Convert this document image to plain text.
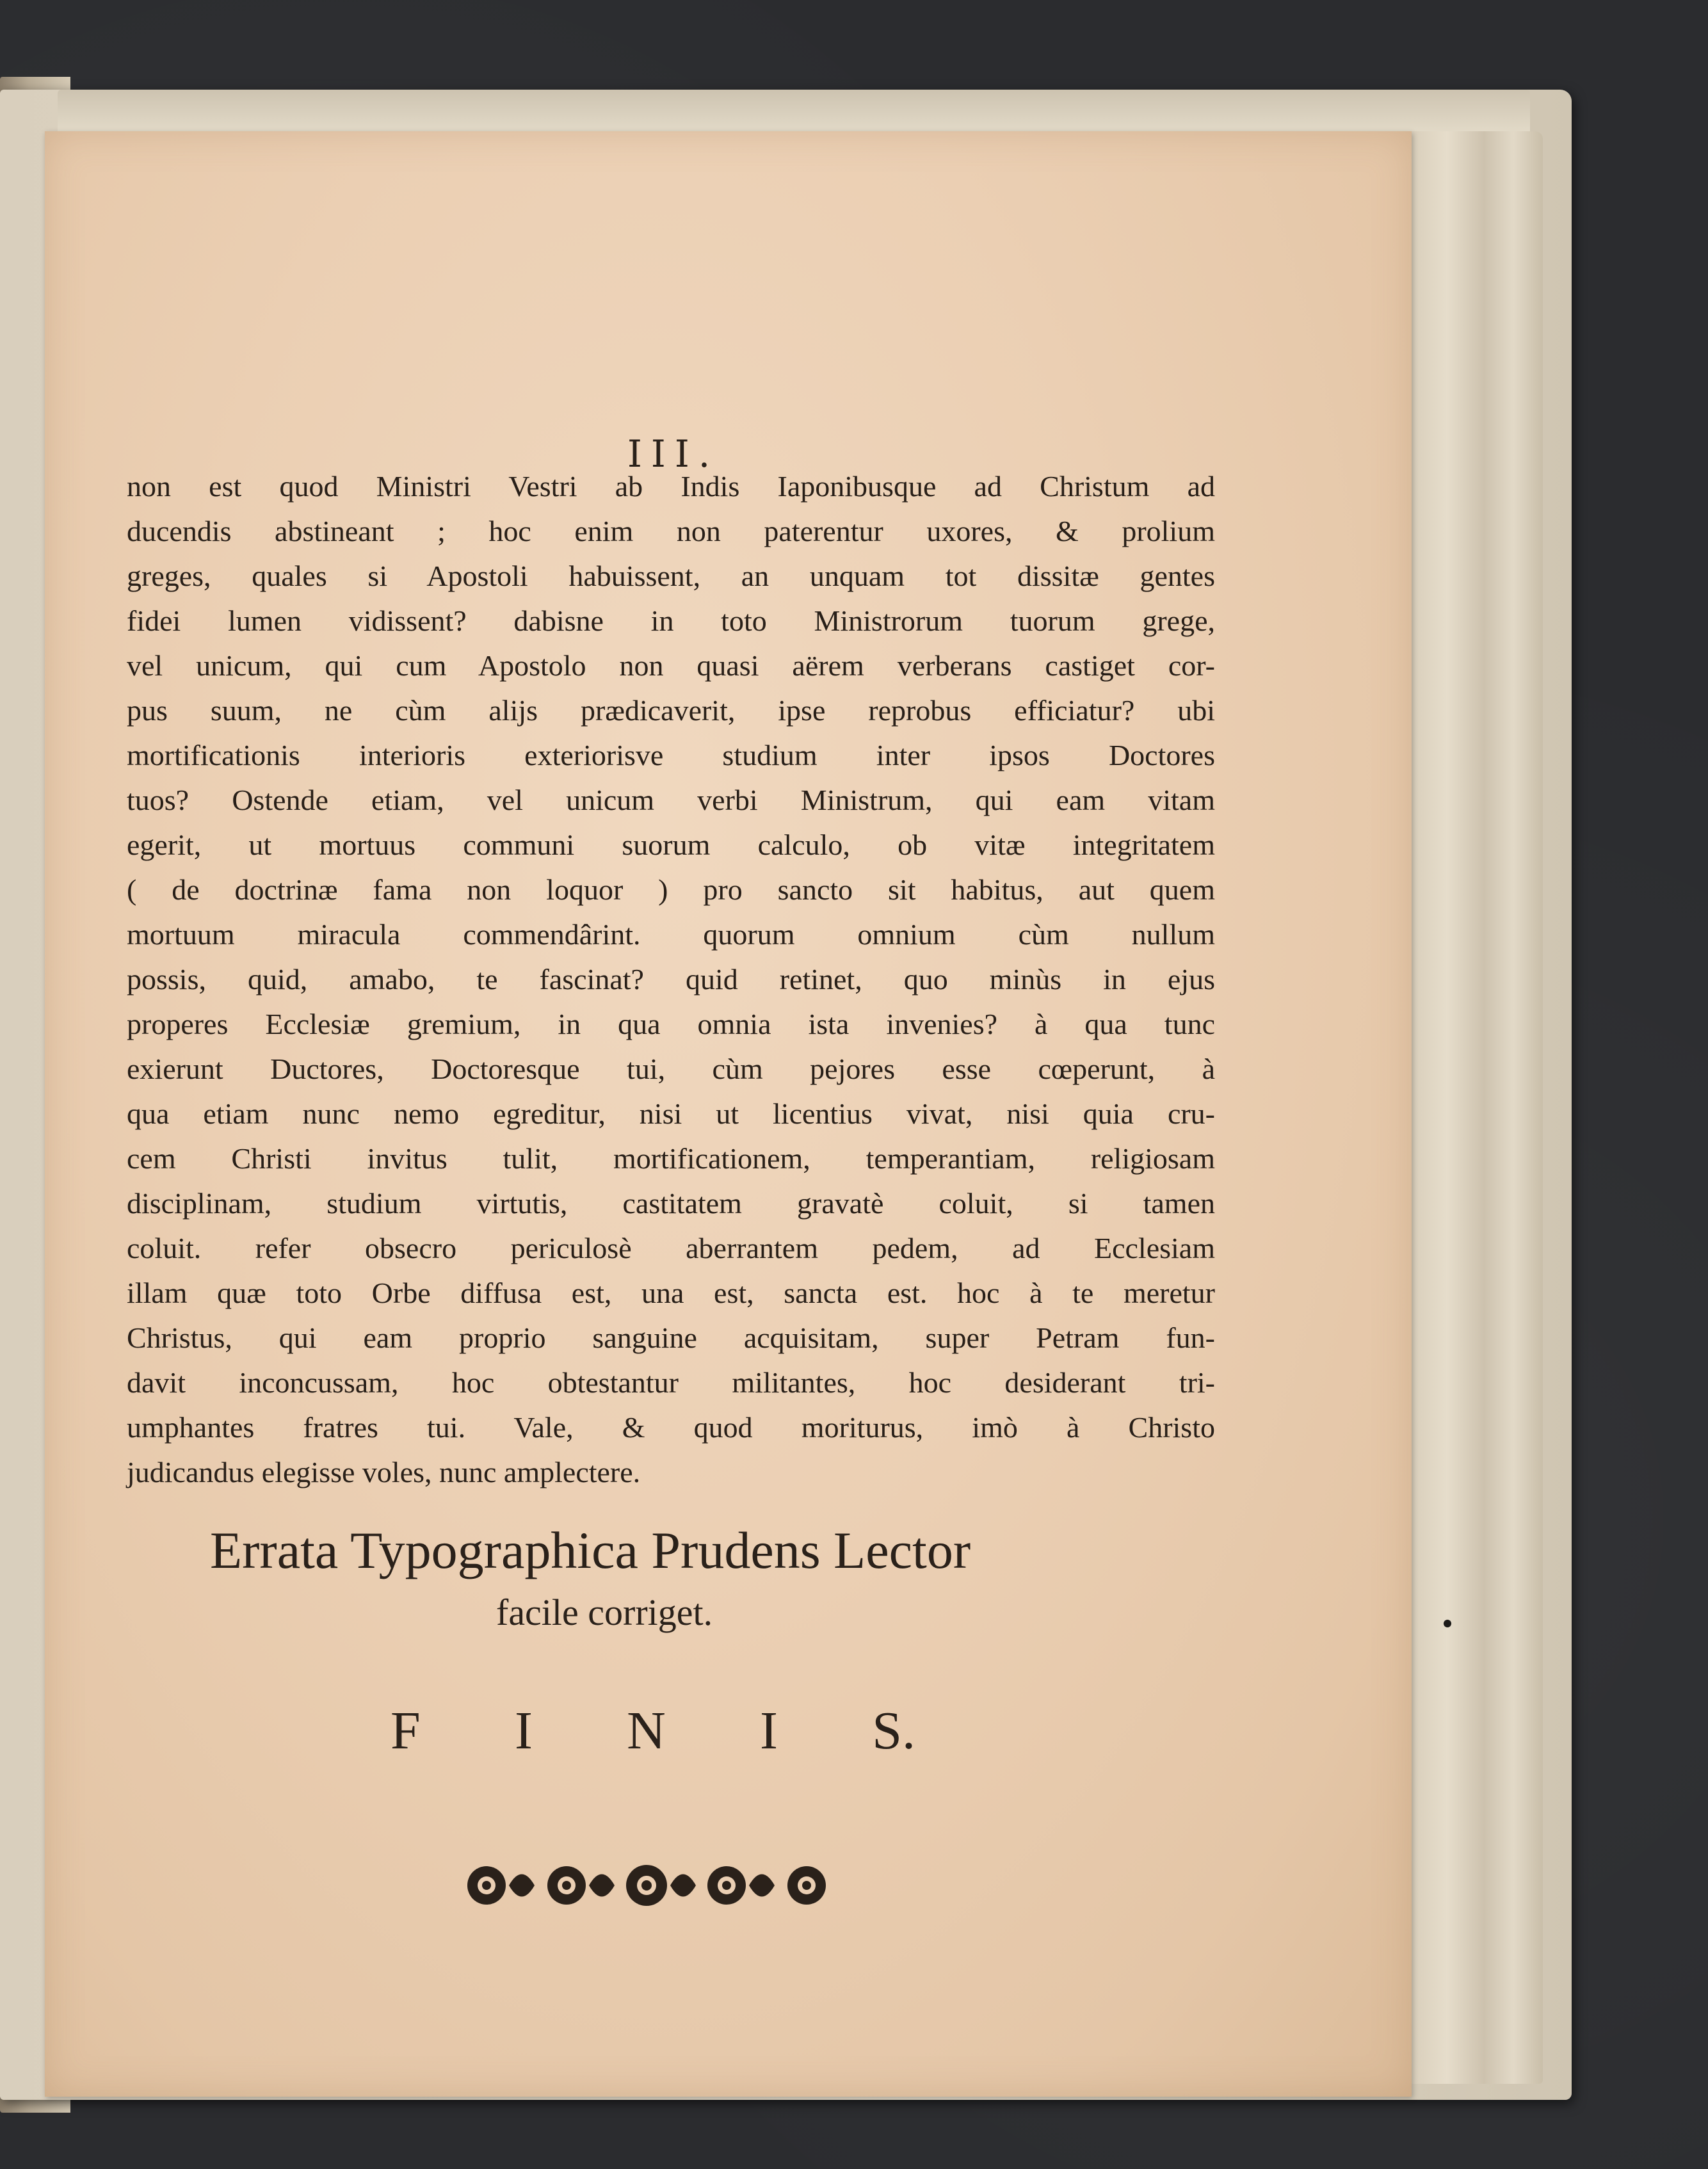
III.
non est quod Ministri Vestri ab Indis Iaponibusque ad Christum ad
ducendis abstineant ; hoc enim non paterentur uxores, & prolium
greges, quales si Apostoli habuissent, an unquam tot dissitæ gentes
fidei lumen vidissent? dabisne in toto Ministrorum tuorum grege,
vel unicum, qui cum Apostolo non quasi aërem verberans castiget cor-
pus suum, ne cùm alijs prædicaverit, ipse reprobus efficiatur? ubi
mortificationis interioris exteriorisve studium inter ipsos Doctores
tuos? Ostende etiam, vel unicum verbi Ministrum, qui eam vitam
egerit, ut mortuus communi suorum calculo, ob vitæ integritatem
( de doctrinæ fama non loquor ) pro sancto sit habitus, aut quem
mortuum miracula commendârint. quorum omnium cùm nullum
possis, quid, amabo, te fascinat? quid retinet, quo minùs in ejus
properes Ecclesiæ gremium, in qua omnia ista invenies? à qua tunc
exierunt Ductores, Doctoresque tui, cùm pejores esse cœperunt, à
qua etiam nunc nemo egreditur, nisi ut licentius vivat, nisi quia cru-
cem Christi invitus tulit, mortificationem, temperantiam, religiosam
disciplinam, studium virtutis, castitatem gravatè coluit, si tamen
coluit. refer obsecro periculosè aberrantem pedem, ad Ecclesiam
illam quæ toto Orbe diffusa est, una est, sancta est. hoc à te meretur
Christus, qui eam proprio sanguine acquisitam, super Petram fun-
davit inconcussam, hoc obtestantur militantes, hoc desiderant tri-
umphantes fratres tui. Vale, & quod moriturus, imò à Christo
judicandus elegisse voles, nunc amplectere.
Errata Typographica Prudens Lector
facile corriget.
F I N I S.
